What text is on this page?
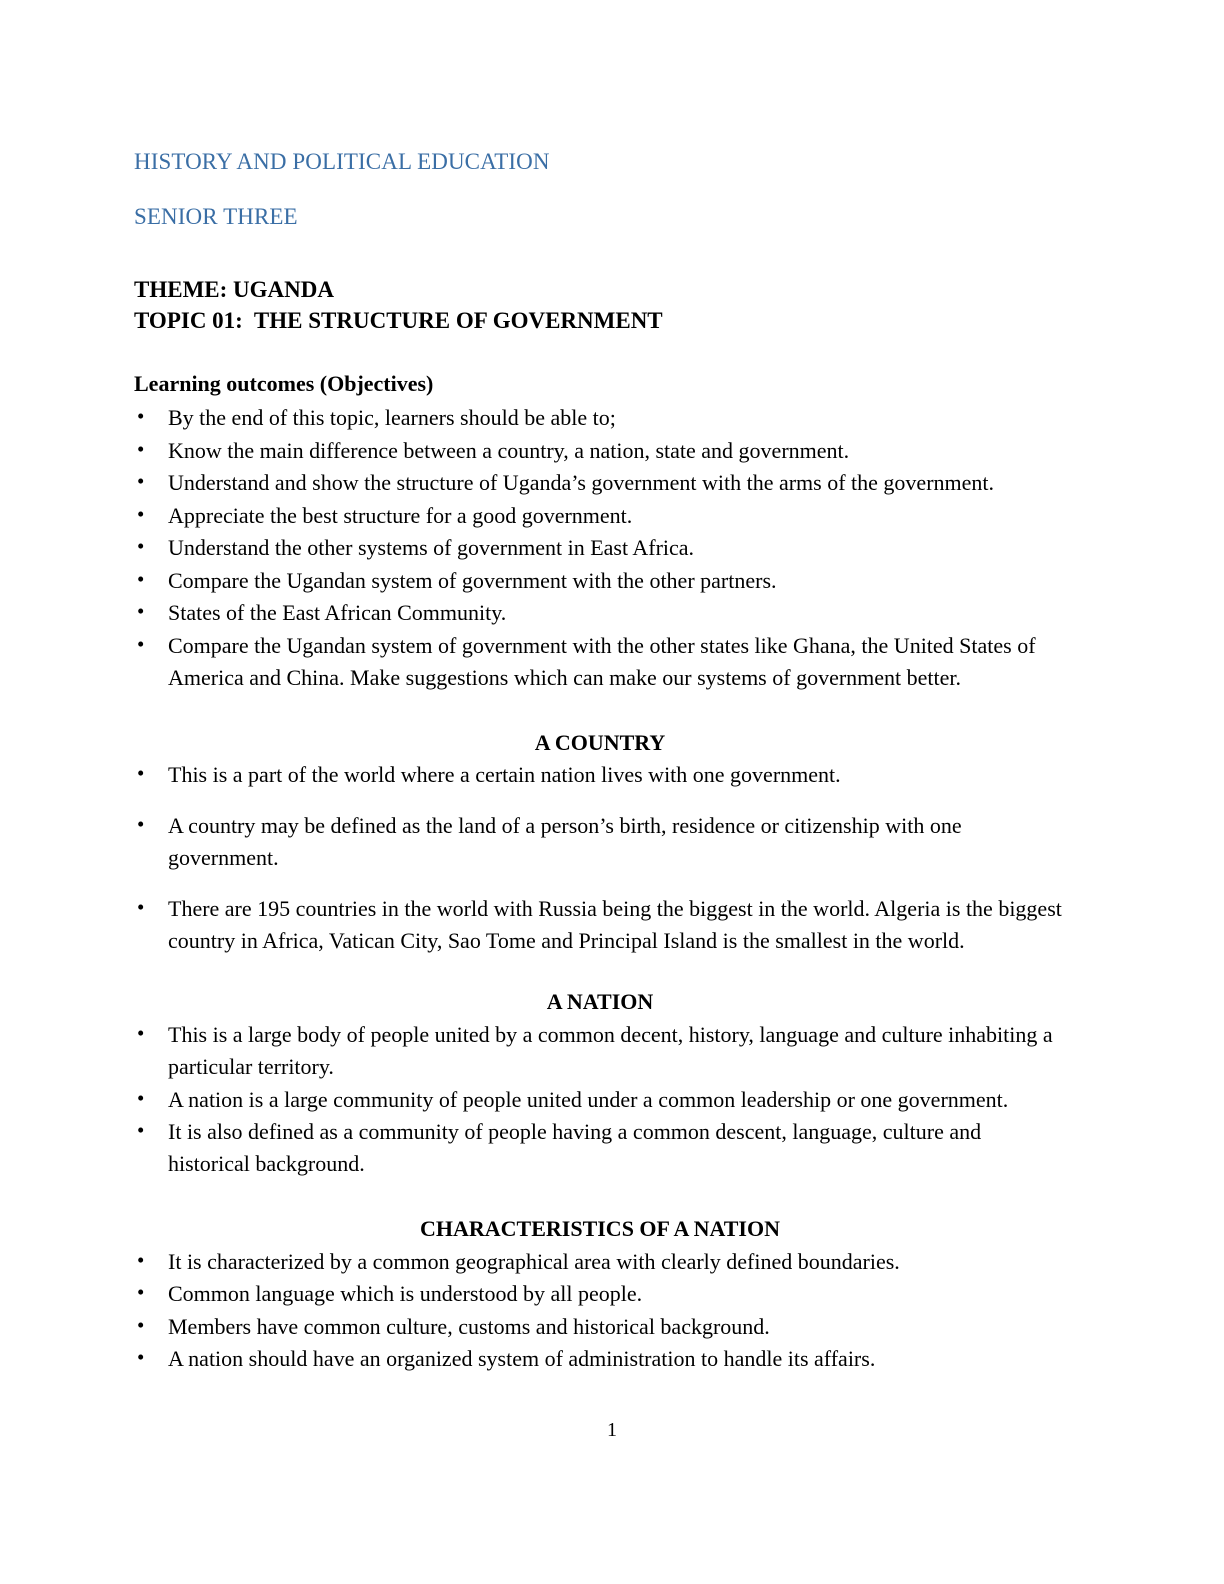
HISTORY AND POLITICAL EDUCATION
SENIOR THREE
THEME: UGANDA
TOPIC 01:  THE STRUCTURE OF GOVERNMENT
Learning outcomes (Objectives)
• By the end of this topic, learners should be able to;
• Know the main difference between a country, a nation, state and government.
• Understand and show the structure of Uganda’s government with the arms of the government.
• Appreciate the best structure for a good government.
• Understand the other systems of government in East Africa.
• Compare the Ugandan system of government with the other partners.
• States of the East African Community.
• Compare the Ugandan system of government with the other states like Ghana, the United States of America and China. Make suggestions which can make our systems of government better.
A COUNTRY
• This is a part of the world where a certain nation lives with one government.
• A country may be defined as the land of a person’s birth, residence or citizenship with one government.
• There are 195 countries in the world with Russia being the biggest in the world. Algeria is the biggest country in Africa, Vatican City, Sao Tome and Principal Island is the smallest in the world.
A NATION
• This is a large body of people united by a common decent, history, language and culture inhabiting a particular territory.
• A nation is a large community of people united under a common leadership or one government.
• It is also defined as a community of people having a common descent, language, culture and historical background.
CHARACTERISTICS OF A NATION
• It is characterized by a common geographical area with clearly defined boundaries.
• Common language which is understood by all people.
• Members have common culture, customs and historical background.
• A nation should have an organized system of administration to handle its affairs.
1
